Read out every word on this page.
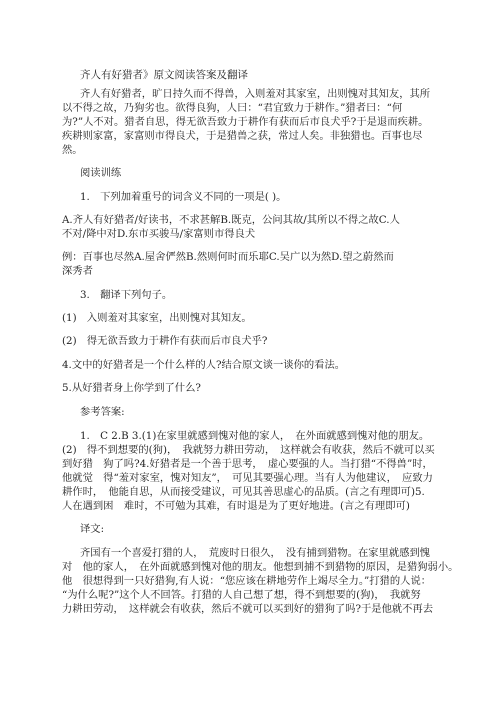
齐人有好猎者》原文阅读答案及翻译
齐人有好猎者，旷日持久而不得兽，入则羞对其家室，出则愧对其知友，其所
以不得之故，乃狗劣也。欲得良狗，人曰：“君宜致力于耕作。”猎者曰：“何
为?”人不对。猎者自思，得无欲吾致力于耕作有获而后市良犬乎?于是退而疾耕。
疾耕则家富，家富则市得良犬，于是猎兽之获，常过人矣。非独猎也。百事也尽
然。
阅读训练
1.　下列加着重号的词含义不同的一项是( )。
A.齐人有好猎者/好读书，不求甚解B.既克，公问其故/其所以不得之故C.人
不对/降中对D.东市买骏马/家富则市得良犬
例：百事也尽然A.屋舍俨然B.然则何时而乐耶C.吴广以为然D.望之蔚然而
深秀者
3.　翻译下列句子。
(1)　入则羞对其家室，出则愧对其知友。
(2)　得无欲吾致力于耕作有获而后市良犬乎?
4.文中的好猎者是一个什么样的人?结合原文谈一谈你的看法。
5.从好猎者身上你学到了什么?
参考答案:
1.　C 2.B 3.(1)在家里就感到愧对他的家人，　在外面就感到愧对他的朋友。
(2)　得不到想要的(狗)，　我就努力耕田劳动，　这样就会有收获，然后不就可以买
到好猎　狗了吗?4.好猎者是一个善于思考，　虚心要强的人。当打猎“不得兽”时，
他就觉　得“羞对家室，愧对知友”，　可见其要强心理。当有人为他建议，　应致力
耕作时，　他能自思，从而接受建议，可见其善思虚心的品质。(言之有理即可)5.
人在遇到困　难时，不可勉为其难，有时退是为了更好地进。(言之有理即可)
译文:
齐国有一个喜爱打猎的人，　荒废时日很久，　没有捕到猎物。在家里就感到愧
对　他的家人，　在外面就感到愧对他的朋友。他想到捕不到猎物的原因，是猎狗弱小。
他　很想得到一只好猎狗,有人说：“您应该在耕地劳作上竭尽全力。”打猎的人说：
“为什么呢?”这个人不回答。打猎的人自己想了想，得不到想要的(狗)，　我就努
力耕田劳动，　这样就会有收获，然后不就可以买到好的猎狗了吗?于是他就不再去
